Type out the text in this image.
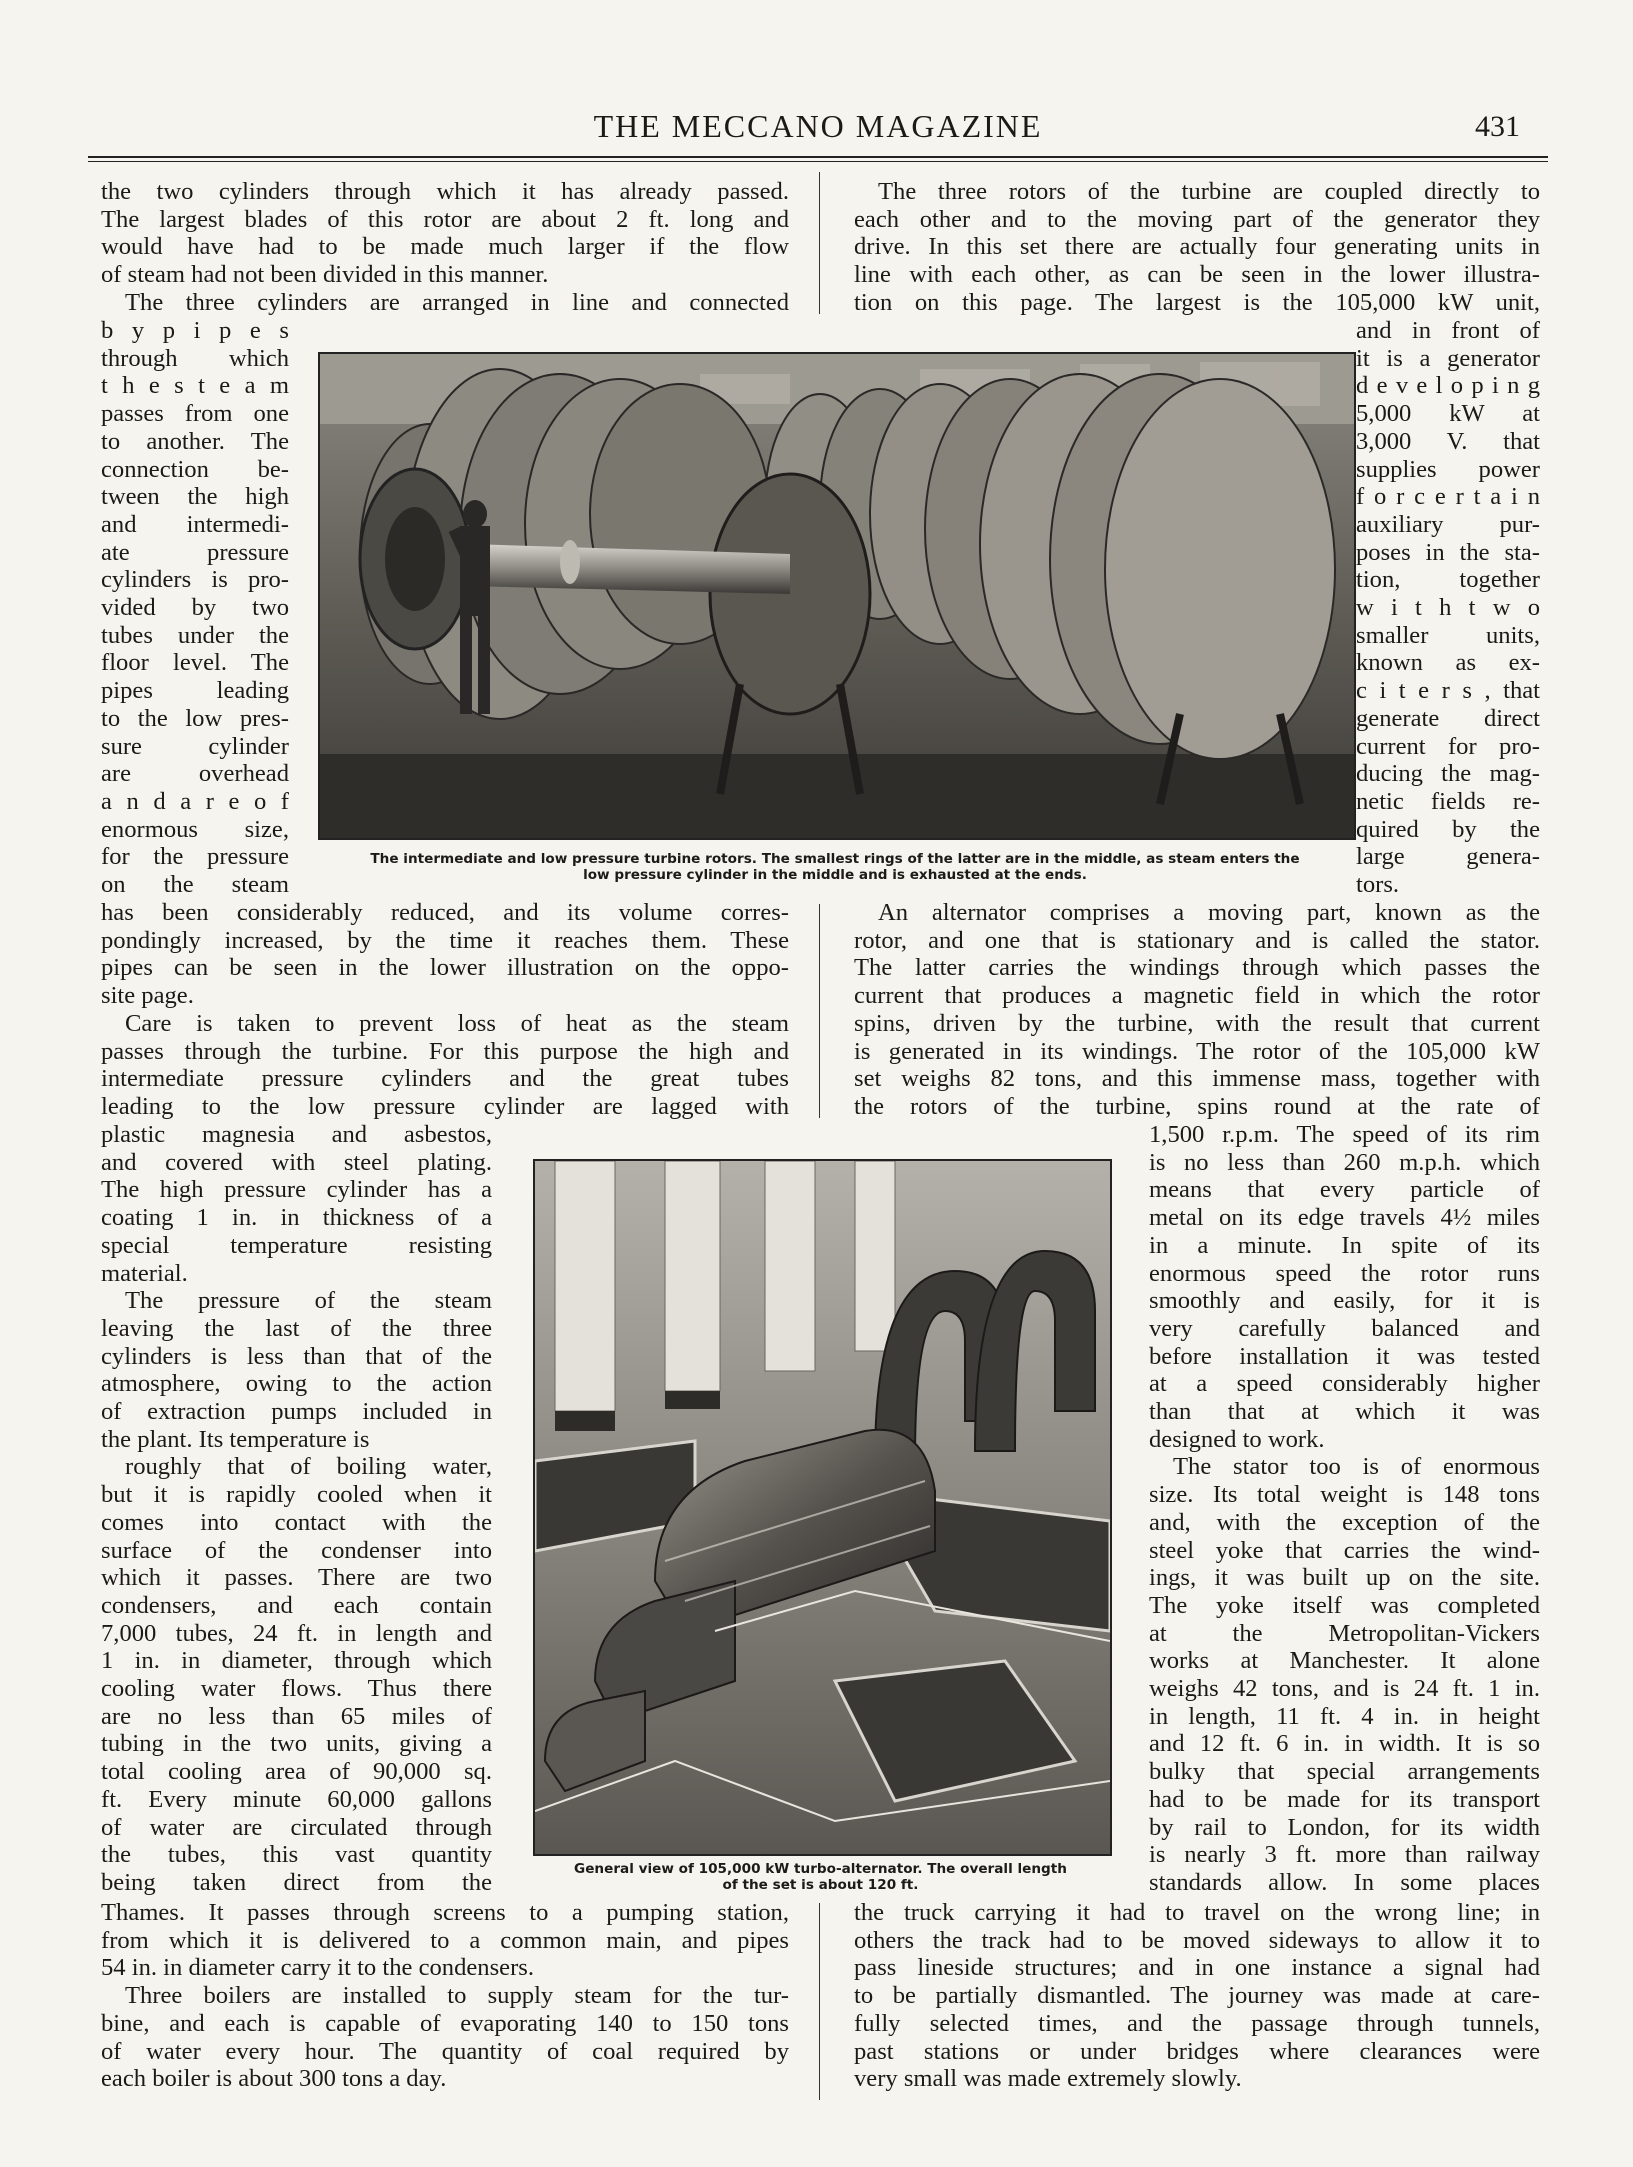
THE MECCANO MAGAZINE	431

the two cylinders through which it has already passed.

The largest blades of this rotor are about 2 ft. long and

would have had to be made much larger if the flow

of steam had not been divided in this manner.

The three cylinders are arranged in line and connected

The three rotors of the turbine are coupled directly to

each other and to the moving part of the generator they

drive. In this set there are actually four generating units in

line with each other, as can be seen in the lower illustra-

tion on this page. The largest is the 105,000 kW unit,

b y p i p e s

through which

t h e s t e a m

passes from one

to another. The

connection be-

tween the high

and intermedi-

ate pressure

cylinders is pro-

vided by two

tubes under the

floor level. The

pipes leading

to the low pres-

sure cylinder

are overhead

a n d a r e o f

enormous size,

for the pressure

on the steam

and in front of

it is a generator

d e v e l o p i n g

5,000 kW at

3,000 V. that

supplies power

f o r c e r t a i n

auxiliary pur-

poses in the sta-

tion, together

w i t h t w o

smaller units,

known as ex-

c i t e r s , that

generate direct

current for pro-

ducing the mag-

netic fields re-

quired by the

large genera-

tors.

has been considerably reduced, and its volume corres-

pondingly increased, by the time it reaches them. These

pipes can be seen in the lower illustration on the oppo-

site page.

Care is taken to prevent loss of heat as the steam

passes through the turbine. For this purpose the high and

intermediate pressure cylinders and the great tubes

leading to the low pressure cylinder are lagged with

An alternator comprises a moving part, known as the

rotor, and one that is stationary and is called the stator.

The latter carries the windings through which passes the

current that produces a magnetic field in which the rotor

spins, driven by the turbine, with the result that current

is generated in its windings. The rotor of the 105,000 kW

set weighs 82 tons, and this immense mass, together with

the rotors of the turbine, spins round at the rate of

plastic magnesia and asbestos,

and covered with steel plating.

The high pressure cylinder has a

coating 1 in. in thickness of a

special temperature resisting

material.

The pressure of the steam

leaving the last of the three

cylinders is less than that of the

atmosphere, owing to the action

of extraction pumps included in

the plant. Its temperature is

roughly that of boiling water,

but it is rapidly cooled when it

comes into contact with the

surface of the condenser into

which it passes. There are two

condensers, and each contain

7,000 tubes, 24 ft. in length and

1 in. in diameter, through which

cooling water flows. Thus there

are no less than 65 miles of

tubing in the two units, giving a

total cooling area of 90,000 sq.

ft. Every minute 60,000 gallons

of water are circulated through

the tubes, this vast quantity

being taken direct from the

1,500 r.p.m. The speed of its rim

is no less than 260 m.p.h. which

means that every particle of

metal on its edge travels 4½ miles

in a minute. In spite of its

enormous speed the rotor runs

smoothly and easily, for it is

very carefully balanced and

before installation it was tested

at a speed considerably higher

than that at which it was

designed to work.

The stator too is of enormous

size. Its total weight is 148 tons

and, with the exception of the

steel yoke that carries the wind-

ings, it was built up on the site.

The yoke itself was completed

at the Metropolitan-Vickers

works at Manchester. It alone

weighs 42 tons, and is 24 ft. 1 in.

in length, 11 ft. 4 in. in height

and 12 ft. 6 in. in width. It is so

bulky that special arrangements

had to be made for its transport

by rail to London, for its width

is nearly 3 ft. more than railway

standards allow. In some places

Thames. It passes through screens to a pumping station,

from which it is delivered to a common main, and pipes

54 in. in diameter carry it to the condensers.

Three boilers are installed to supply steam for the tur-

bine, and each is capable of evaporating 140 to 150 tons

of water every hour. The quantity of coal required by

each boiler is about 300 tons a day.

the truck carrying it had to travel on the wrong line; in

others the track had to be moved sideways to allow it to

pass lineside structures; and in one instance a signal had

to be partially dismantled. The journey was made at care-

fully selected times, and the passage through tunnels,

past stations or under bridges where clearances were

very small was made extremely slowly.

The intermediate and low pressure turbine rotors. The smallest rings of the latter are in the middle, as steam enters the
low pressure cylinder in the middle and is exhausted at the ends.
General view of 105,000 kW turbo-alternator. The overall length
of the set is about 120 ft.
